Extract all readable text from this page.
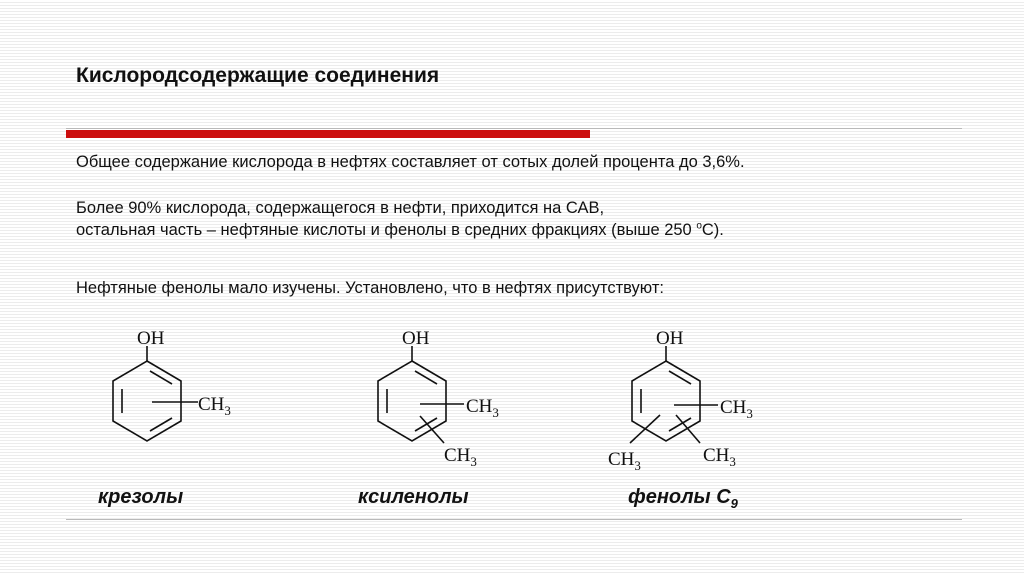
Кислородсодержащие соединения
Общее содержание кислорода в нефтях составляет от сотых долей процента до 3,6%.
Более 90% кислорода, содержащегося в нефти, приходится на САВ,
остальная часть – нефтяные кислоты и фенолы в средних фракциях (выше 250 $^о$С).
Нефтяные фенолы мало изучены. Установлено, что в нефтях присутствуют:
OH
$CH_3$
OH
$CH_3$
$CH_3$
OH
$CH_3$
$CH_3$	$CH_3$
крезолы	ксиленолы	фенолы $С_9$
